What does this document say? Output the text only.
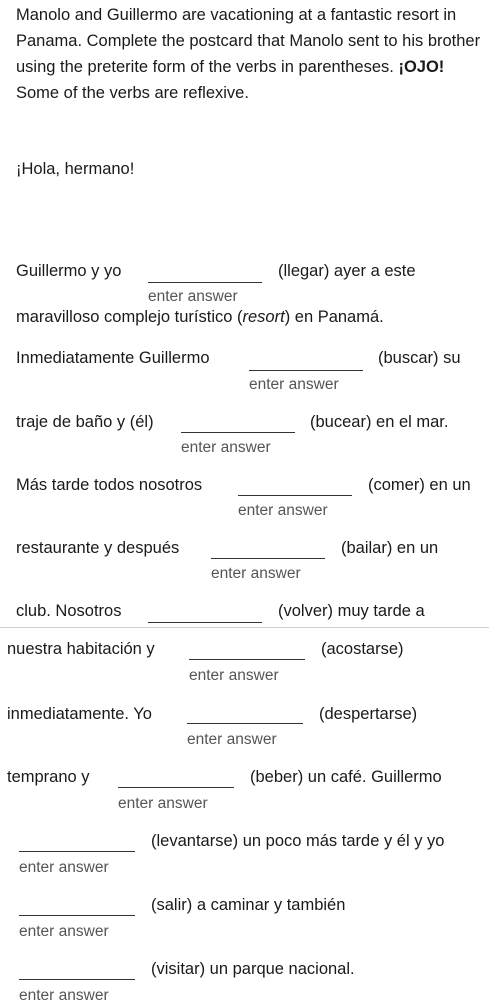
Manolo and Guillermo are vacationing at a fantastic resort in Panama. Complete the postcard that Manolo sent to his brother using the preterite form of the verbs in parentheses. ¡OJO! Some of the verbs are reflexive.
¡Hola, hermano!
Guillermo y yo
enter answer
(llegar) ayer a este
maravilloso complejo turístico (resort) en Panamá.
Inmediatamente Guillermo
enter answer
(buscar) su
traje de baño y (él)
enter answer
(bucear) en el mar.
Más tarde todos nosotros
enter answer
(comer) en un
restaurante y después
enter answer
(bailar) en un
club. Nosotros	(volver) muy tarde a
nuestra habitación y
enter answer
(acostarse)
inmediatamente. Yo
enter answer
(despertarse)
temprano y
enter answer
(beber) un café. Guillermo
enter answer
(levantarse) un poco más tarde y él y yo
enter answer
(salir) a caminar y también
enter answer
(visitar) un parque nacional.
